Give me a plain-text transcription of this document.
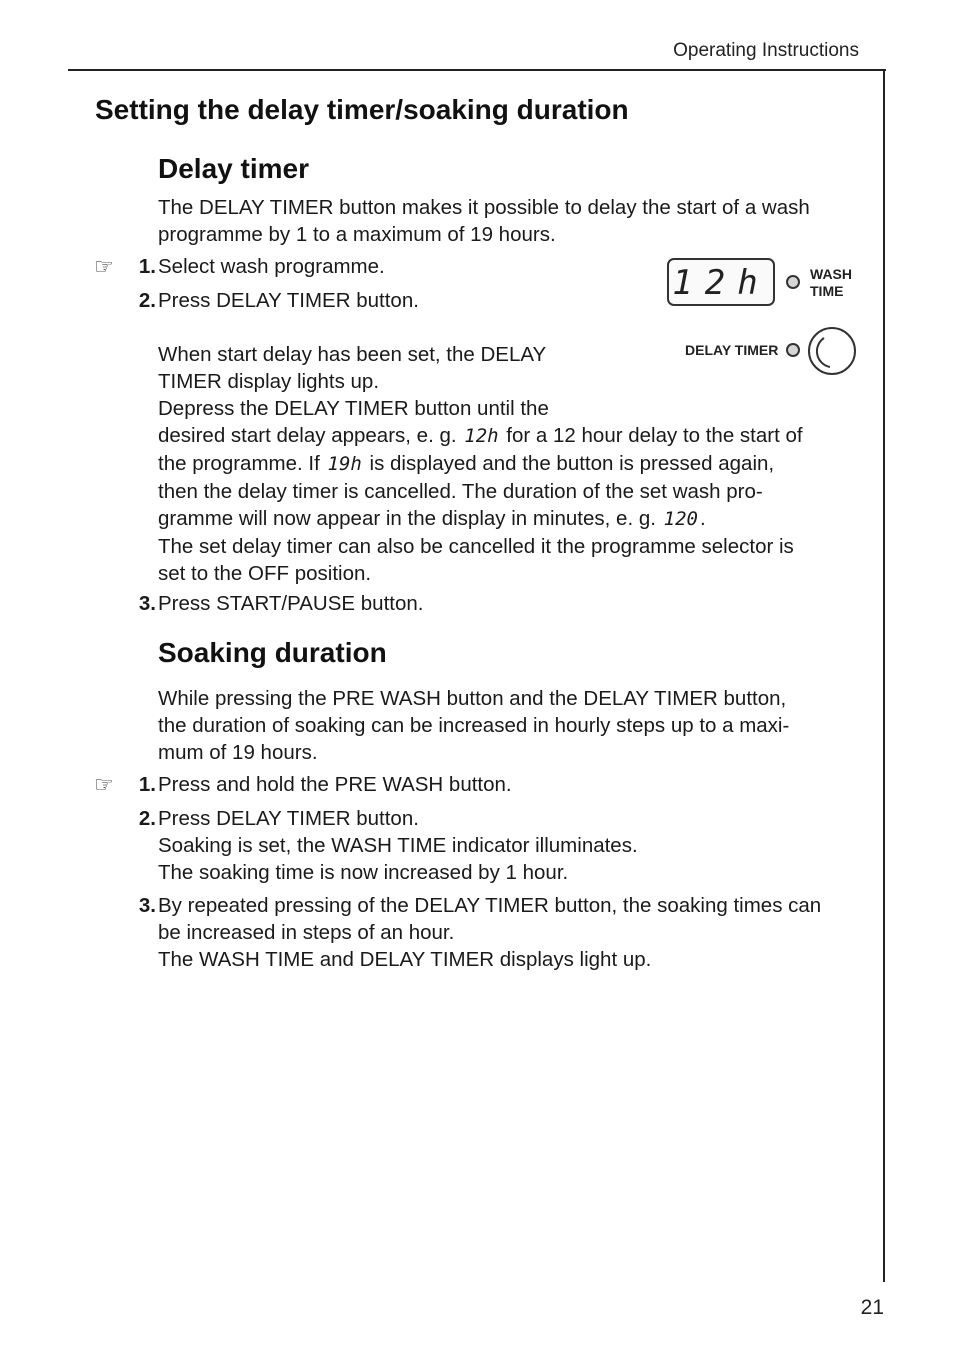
Operating Instructions
21
Setting the delay timer/soaking duration
Delay timer
The DELAY TIMER button makes it possible to delay the start of a wash
programme by 1 to a maximum of 19 hours.
☞	1. Select wash programme.
2. Press DELAY TIMER button.
When start delay has been set, the DELAY
TIMER display lights up.
Depress the DELAY TIMER button until the
desired start delay appears, e. g. 12h for a 12 hour delay to the start of
the programme. If 19h is displayed and the button is pressed again,
then the delay timer is cancelled. The duration of the set wash pro-
gramme will now appear in the display in minutes, e. g. 120.
The set delay timer can also be cancelled it the programme selector is
set to the OFF position.
3. Press START/PAUSE button.
12h	WASH
TIME
DELAY TIMER
Soaking duration
While pressing the PRE WASH button and the DELAY TIMER button,
the duration of soaking can be increased in hourly steps up to a maxi-
mum of 19 hours.
☞	1. Press and hold the PRE WASH button.
2. Press DELAY TIMER button.
Soaking is set, the WASH TIME indicator illuminates.
The soaking time is now increased by 1 hour.
3. By repeated pressing of the DELAY TIMER button, the soaking times can
be increased in steps of an hour.
The WASH TIME and DELAY TIMER displays light up.
